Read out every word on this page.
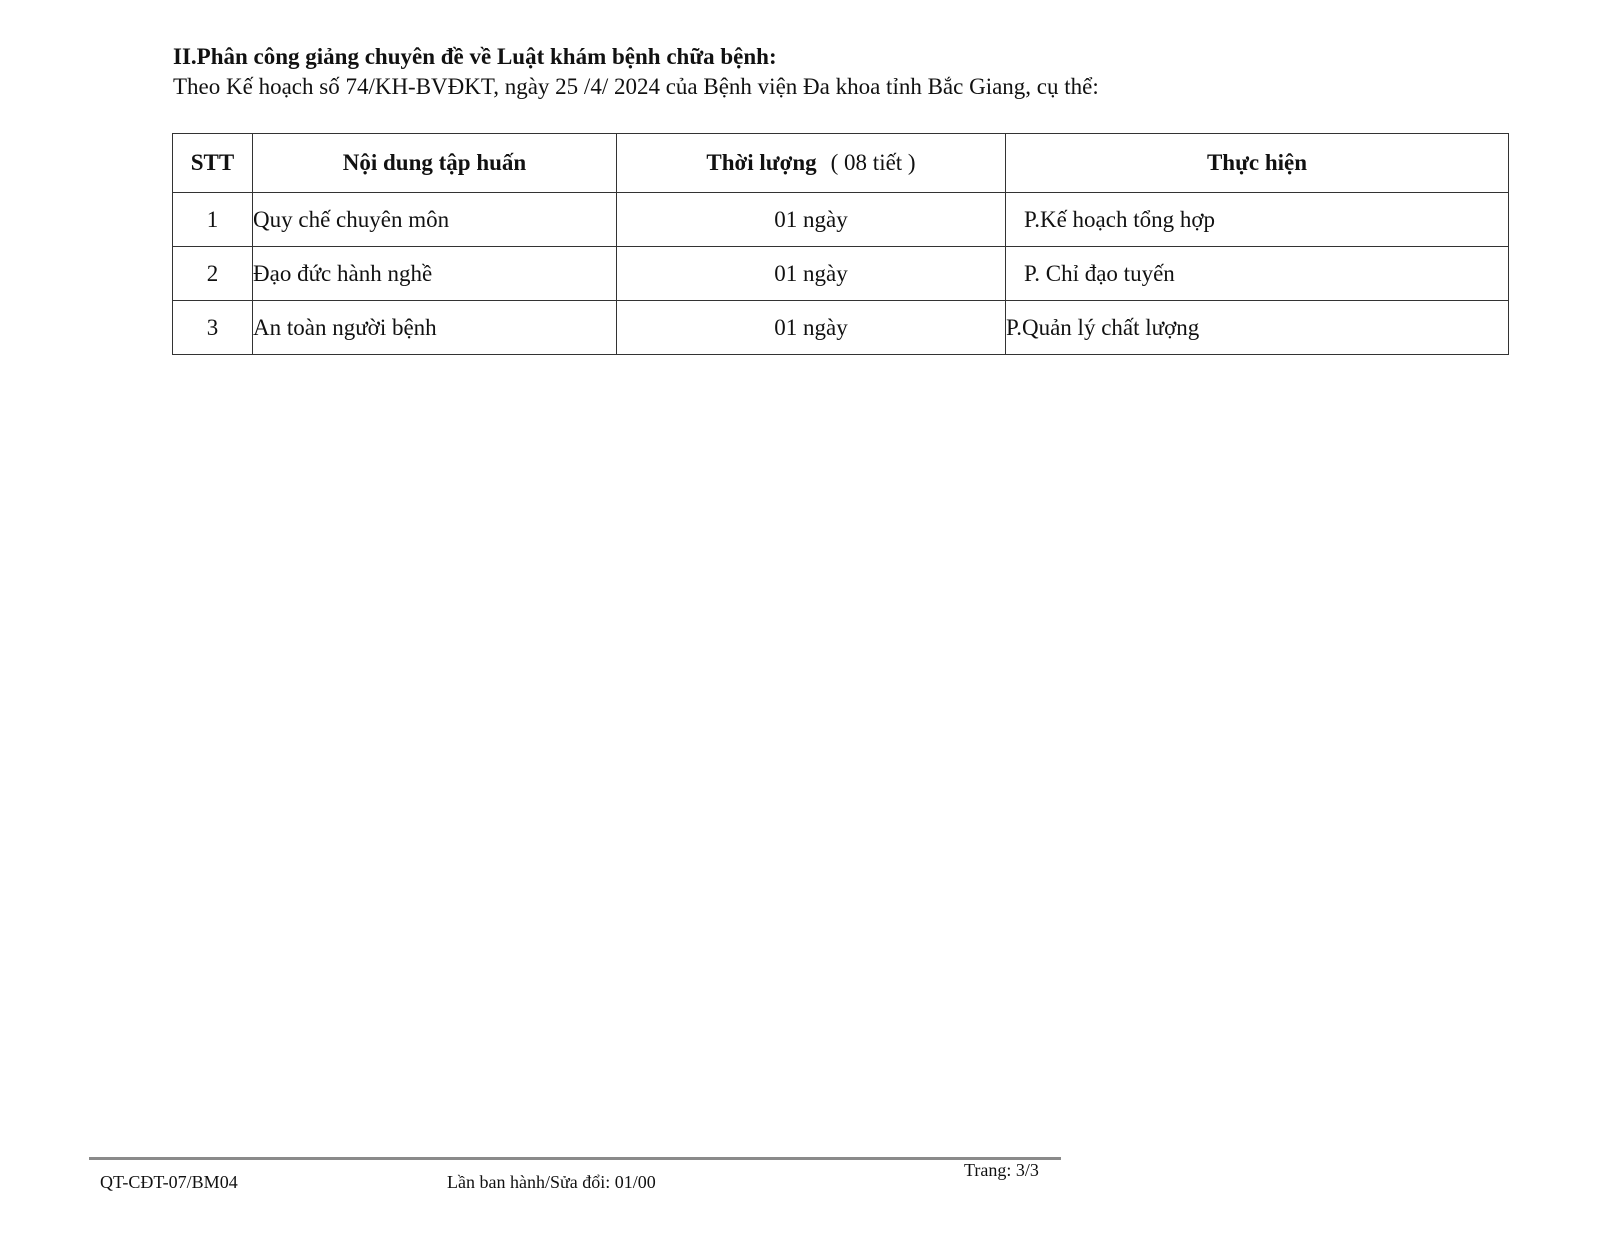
II.Phân công giảng chuyên đề về Luật khám bệnh chữa bệnh:
Theo Kế hoạch số 74/KH-BVĐKT, ngày 25 /4/ 2024 của Bệnh viện Đa khoa tỉnh Bắc Giang, cụ thể:
STT	Nội dung tập huấn	Thời lượng ( 08 tiết )	Thực hiện
1	Quy chế chuyên môn	01 ngày	P.Kế hoạch tổng hợp
2	Đạo đức hành nghề	01 ngày	P. Chỉ đạo tuyến
3	An toàn người bệnh	01 ngày	P.Quản lý chất lượng
QT-CĐT-07/BM04	Lần ban hành/Sửa đổi: 01/00
Trang: 3/3
